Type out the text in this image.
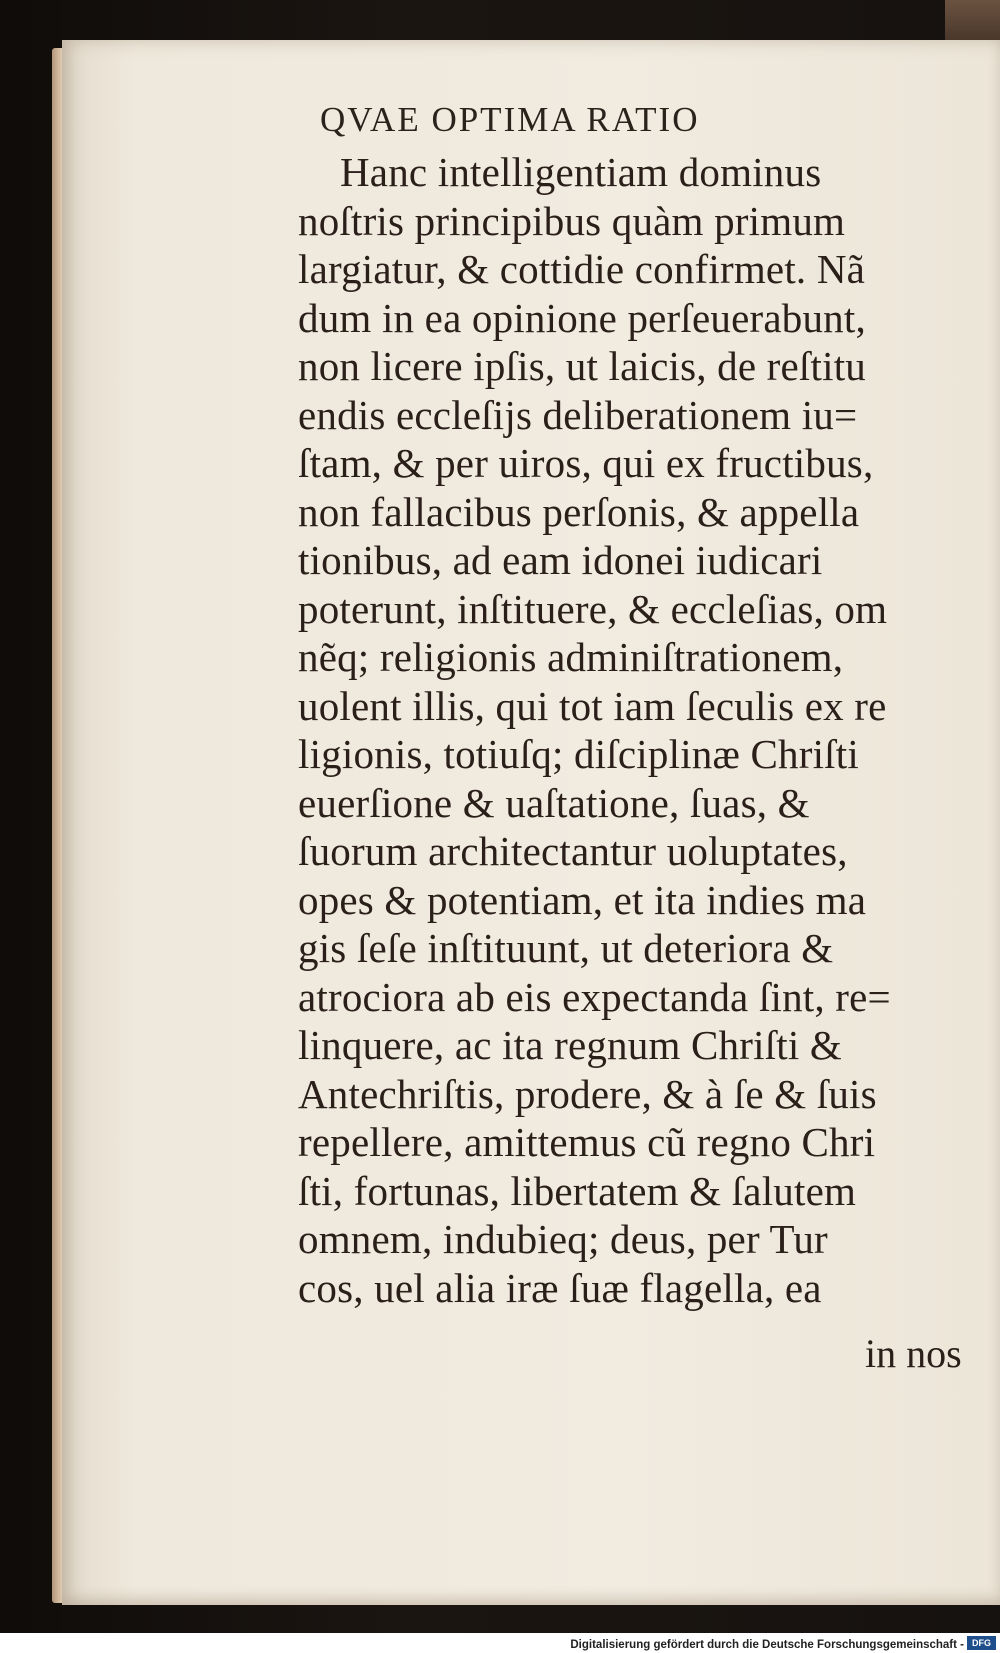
QVAE OPTIMA RATIO
Hanc intelligentiam dominus
noſtris principibus quàm primum
largiatur, & cottidie confirmet. Nã
dum in ea opinione perſeuerabunt,
non licere ipſis, ut laicis, de reſtitu
endis eccleſijs deliberationem iu=
ſtam, & per uiros, qui ex fructibus,
non fallacibus perſonis, & appella
tionibus, ad eam idonei iudicari
poterunt, inſtituere, & eccleſias, om
nẽq; religionis adminiſtrationem,
uolent illis, qui tot iam ſeculis ex re
ligionis, totiuſq; diſciplinæ Chriſti
euerſione & uaſtatione, ſuas, &
ſuorum architectantur uoluptates,
opes & potentiam, et ita indies ma
gis ſeſe inſtituunt, ut deteriora &
atrociora ab eis expectanda ſint, re=
linquere, ac ita regnum Chriſti &
Antechriſtis, prodere, & à ſe & ſuis
repellere, amittemus cũ regno Chri
ſti, fortunas, libertatem & ſalutem
omnem, indubieq; deus, per Tur
cos, uel alia iræ ſuæ flagella, ea
in nos
Digitalisierung gefördert durch die Deutsche Forschungsgemeinschaft - DFG
